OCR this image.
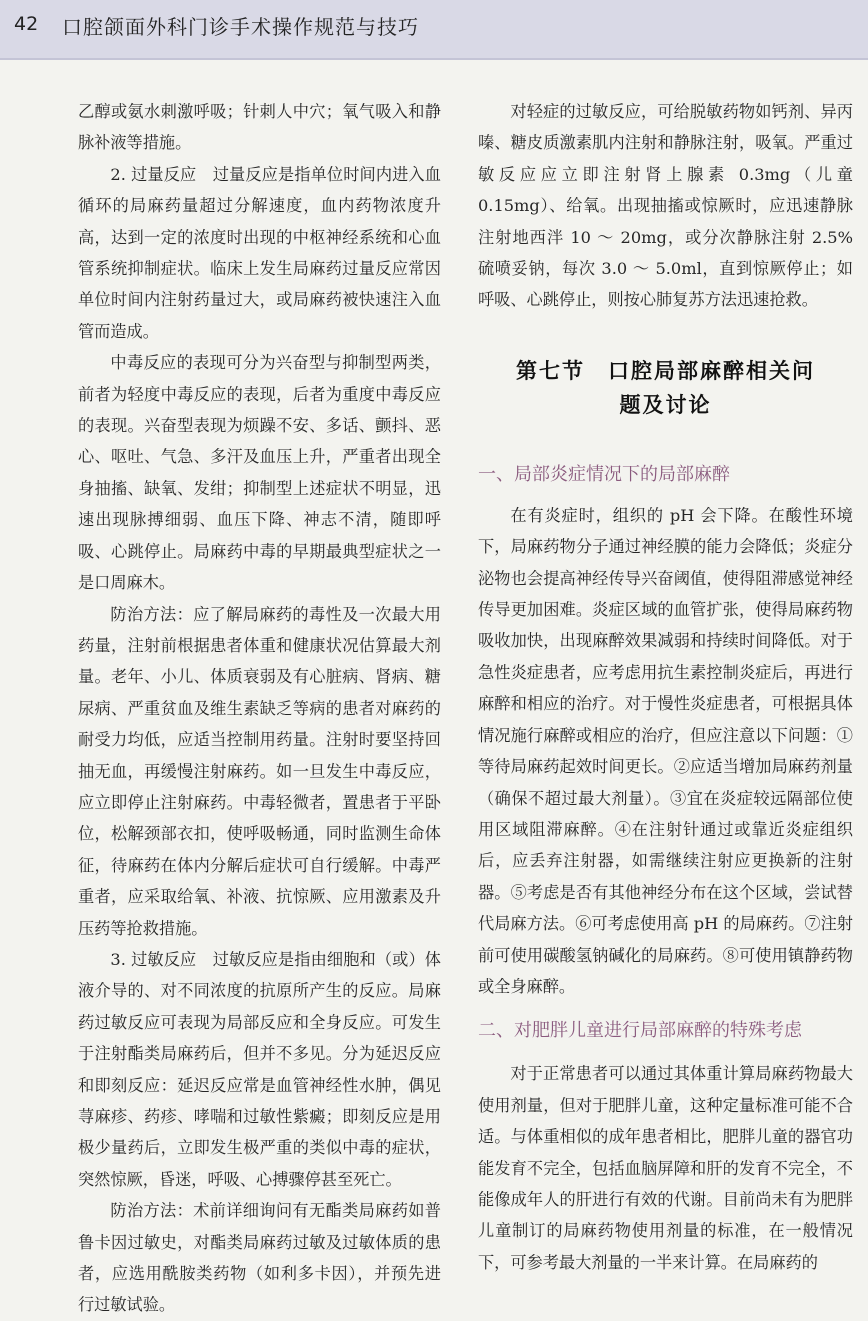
42 口腔颌面外科门诊手术操作规范与技巧

乙醇或氨水刺激呼吸；针刺人中穴；氧气吸入和静脉补液等措施。

2. 过量反应　过量反应是指单位时间内进入血循环的局麻药量超过分解速度，血内药物浓度升高，达到一定的浓度时出现的中枢神经系统和心血管系统抑制症状。临床上发生局麻药过量反应常因单位时间内注射药量过大，或局麻药被快速注入血管而造成。

中毒反应的表现可分为兴奋型与抑制型两类，前者为轻度中毒反应的表现，后者为重度中毒反应的表现。兴奋型表现为烦躁不安、多话、颤抖、恶心、呕吐、气急、多汗及血压上升，严重者出现全身抽搐、缺氧、发绀；抑制型上述症状不明显，迅速出现脉搏细弱、血压下降、神志不清，随即呼吸、心跳停止。局麻药中毒的早期最典型症状之一是口周麻木。

防治方法：应了解局麻药的毒性及一次最大用药量，注射前根据患者体重和健康状况估算最大剂量。老年、小儿、体质衰弱及有心脏病、肾病、糖尿病、严重贫血及维生素缺乏等病的患者对麻药的耐受力均低，应适当控制用药量。注射时要坚持回抽无血，再缓慢注射麻药。如一旦发生中毒反应，应立即停止注射麻药。中毒轻微者，置患者于平卧位，松解颈部衣扣，使呼吸畅通，同时监测生命体征，待麻药在体内分解后症状可自行缓解。中毒严重者，应采取给氧、补液、抗惊厥、应用激素及升压药等抢救措施。

3. 过敏反应　过敏反应是指由细胞和（或）体液介导的、对不同浓度的抗原所产生的反应。局麻药过敏反应可表现为局部反应和全身反应。可发生于注射酯类局麻药后，但并不多见。分为延迟反应和即刻反应：延迟反应常是血管神经性水肿，偶见荨麻疹、药疹、哮喘和过敏性紫癜；即刻反应是用极少量药后，立即发生极严重的类似中毒的症状，突然惊厥，昏迷，呼吸、心搏骤停甚至死亡。

防治方法：术前详细询问有无酯类局麻药如普鲁卡因过敏史，对酯类局麻药过敏及过敏体质的患者，应选用酰胺类药物（如利多卡因），并预先进行过敏试验。

对轻症的过敏反应，可给脱敏药物如钙剂、异丙嗪、糖皮质激素肌内注射和静脉注射，吸氧。严重过敏反应应立即注射肾上腺素 0.3mg（儿童 0.15mg）、给氧。出现抽搐或惊厥时，应迅速静脉注射地西泮 10 ～ 20mg，或分次静脉注射 2.5% 硫喷妥钠，每次 3.0 ～ 5.0ml，直到惊厥停止；如呼吸、心跳停止，则按心肺复苏方法迅速抢救。

第七节　口腔局部麻醉相关问
题及讨论
一、局部炎症情况下的局部麻醉

在有炎症时，组织的 pH 会下降。在酸性环境下，局麻药物分子通过神经膜的能力会降低；炎症分泌物也会提高神经传导兴奋阈值，使得阻滞感觉神经传导更加困难。炎症区域的血管扩张，使得局麻药物吸收加快，出现麻醉效果减弱和持续时间降低。对于急性炎症患者，应考虑用抗生素控制炎症后，再进行麻醉和相应的治疗。对于慢性炎症患者，可根据具体情况施行麻醉或相应的治疗，但应注意以下问题：①等待局麻药起效时间更长。②应适当增加局麻药剂量（确保不超过最大剂量）。③宜在炎症较远隔部位使用区域阻滞麻醉。④在注射针通过或靠近炎症组织后，应丢弃注射器，如需继续注射应更换新的注射器。⑤考虑是否有其他神经分布在这个区域，尝试替代局麻方法。⑥可考虑使用高 pH 的局麻药。⑦注射前可使用碳酸氢钠碱化的局麻药。⑧可使用镇静药物或全身麻醉。

二、对肥胖儿童进行局部麻醉的特殊考虑

对于正常患者可以通过其体重计算局麻药物最大使用剂量，但对于肥胖儿童，这种定量标准可能不合适。与体重相似的成年患者相比，肥胖儿童的器官功能发育不完全，包括血脑屏障和肝的发育不完全，不能像成年人的肝进行有效的代谢。目前尚未有为肥胖儿童制订的局麻药物使用剂量的标准，在一般情况下，可参考最大剂量的一半来计算。在局麻药的
